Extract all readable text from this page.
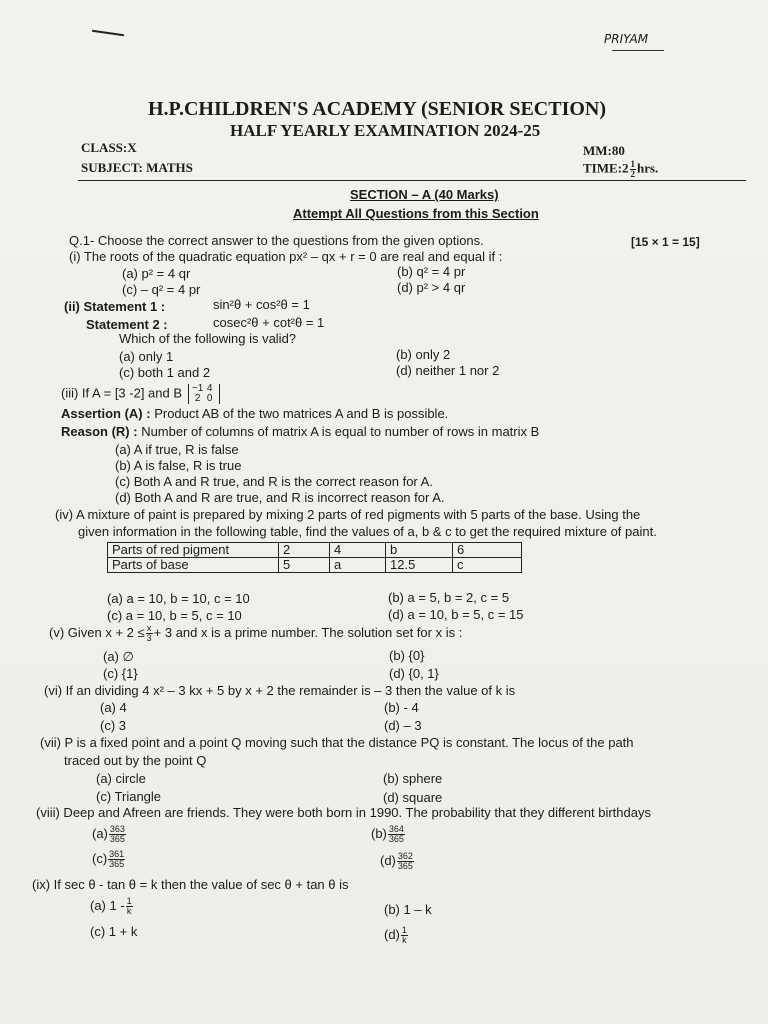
PRIYAM
H.P.CHILDREN'S ACADEMY (SENIOR SECTION)
HALF YEARLY EXAMINATION 2024-25
CLASS:X	MM:80
SUBJECT: MATHS	TIME:2 $\frac{1}{2}$ hrs.
SECTION – A (40 Marks)
Attempt All Questions from this Section
Q.1- Choose the correct answer to the questions from the given options.	[15 × 1 = 15]
(i) The roots of the quadratic equation px² – qx + r = 0 are real and equal if :
(a) p² = 4 qr	(b) q² = 4 pr
(c) – q² = 4 pr	(d) p² > 4 qr
(ii) Statement 1 :	sin²θ + cos²θ = 1
Statement 2 :	cosec²θ + cot²θ = 1
Which of the following is valid?
(a) only 1	(b) only 2
(c) both 1 and 2	(d) neither 1 nor 2
(iii) If A = [3 -2] and B −1 4
2 0
Assertion (A) : Product AB of the two matrices A and B is possible.
Reason (R) : Number of columns of matrix A is equal to number of rows in matrix B
(a) A if true, R is false
(b) A is false, R is true
(c) Both A and R true, and R is the correct reason for A.
(d) Both A and R are true, and R is incorrect reason for A.
(iv) A mixture of paint is prepared by mixing 2 parts of red pigments with 5 parts of the base. Using the
given information in the following table, find the values of a, b & c to get the required mixture of paint.
Parts of red pigment	2	4	b	6
Parts of base	5	a	12.5	c
(a) a = 10, b = 10, c = 10	(b) a = 5, b = 2, c = 5
(c) a = 10, b = 5, c = 10	(d) a = 10, b = 5, c = 15
(v) Given $x + 2 \le \frac{x}{3} + 3$ and x is a prime number. The solution set for x is :
(a) ∅	(b) {0}
(c) {1}	(d) {0, 1}
(vi) If an dividing 4 x² – 3 kx + 5 by x + 2 the remainder is – 3 then the value of k is
(a) 4	(b) - 4
(c) 3	(d) – 3
(vii) P is a fixed point and a point Q moving such that the distance PQ is constant. The locus of the path
traced out by the point Q
(a) circle	(b) sphere
(c) Triangle	(d) square
(viii) Deep and Afreen are friends. They were both born in 1990. The probability that they different birthdays
$(a) \frac{363}{365}$	$(b) \frac{364}{365}$
$(c) \frac{361}{365}$	$(d) \frac{362}{365}$
(ix) If sec θ - tan θ = k then the value of sec θ + tan θ is
(a) $1 - \frac{1}{k}$	(b) 1 – k
(c) 1 + k	$(d) \frac{1}{k}$
